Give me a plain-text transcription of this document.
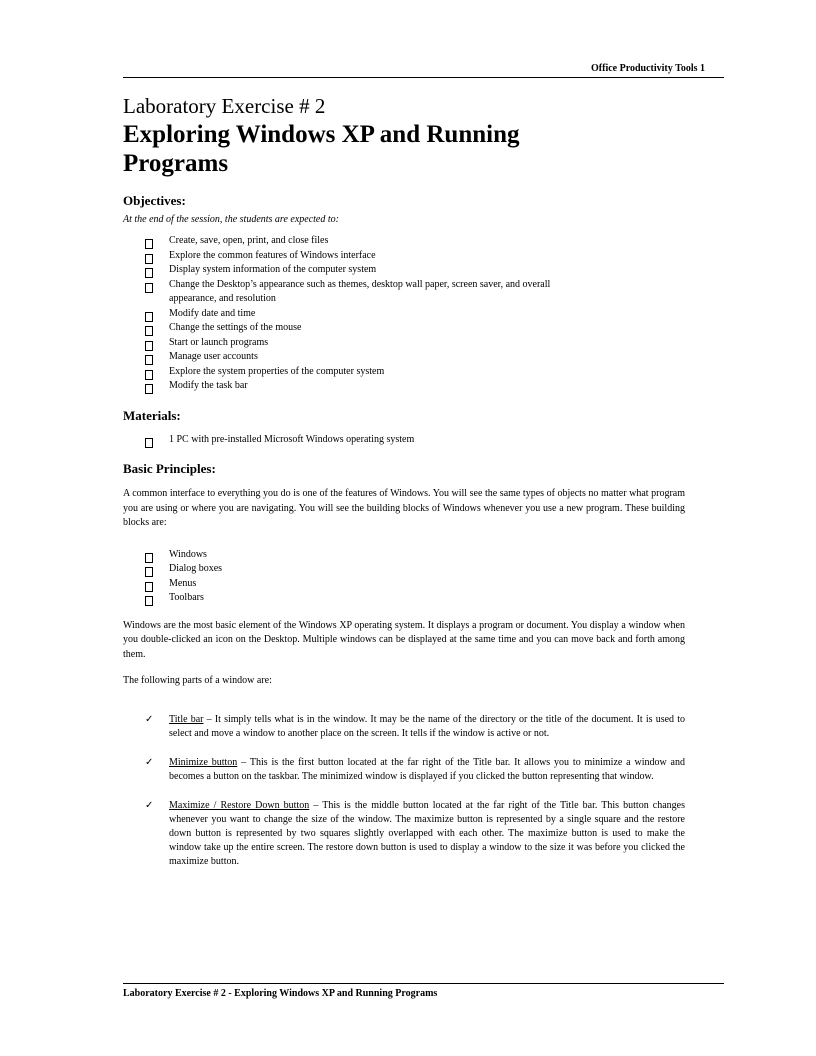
Office Productivity Tools 1

Laboratory Exercise # 2

Exploring Windows XP and Running
Programs

Objectives:

At the end of the session, the students are expected to:

Create, save, open, print, and close files
Explore the common features of Windows interface
Display system information of the computer system
Change the Desktop’s appearance such as themes, desktop wall paper, screen saver, and overall
appearance, and resolution
Modify date and time
Change the settings of the mouse
Start or launch programs
Manage user accounts
Explore the system properties of the computer system
Modify the task bar

Materials:

1 PC with pre-installed Microsoft Windows operating system

Basic Principles:

A common interface to everything you do is one of the features of Windows. You will see the same types of objects no matter what program you are using or where you are navigating. You will see the building blocks of Windows whenever you use a new program. These building blocks are:

Windows
Dialog boxes
Menus
Toolbars

Windows are the most basic element of the Windows XP operating system. It displays a program or document. You display a window when you double-clicked an icon on the Desktop. Multiple windows can be displayed at the same time and you can move back and forth among them.

The following parts of a window are:

✓ Title bar – It simply tells what is in the window. It may be the name of the directory or the title of the document. It is used to select and move a window to another place on the screen. It tells if the window is active or not.
✓ Minimize button – This is the first button located at the far right of the Title bar. It allows you to minimize a window and becomes a button on the taskbar. The minimized window is displayed if you clicked the button representing that window.
✓ Maximize / Restore Down button – This is the middle button located at the far right of the Title bar. This button changes whenever you want to change the size of the window. The maximize button is represented by a single square and the restore down button is represented by two squares slightly overlapped with each other. The maximize button is used to make the window take up the entire screen. The restore down button is used to display a window to the size it was before you clicked the maximize button.
Laboratory Exercise # 2 - Exploring Windows XP and Running Programs
